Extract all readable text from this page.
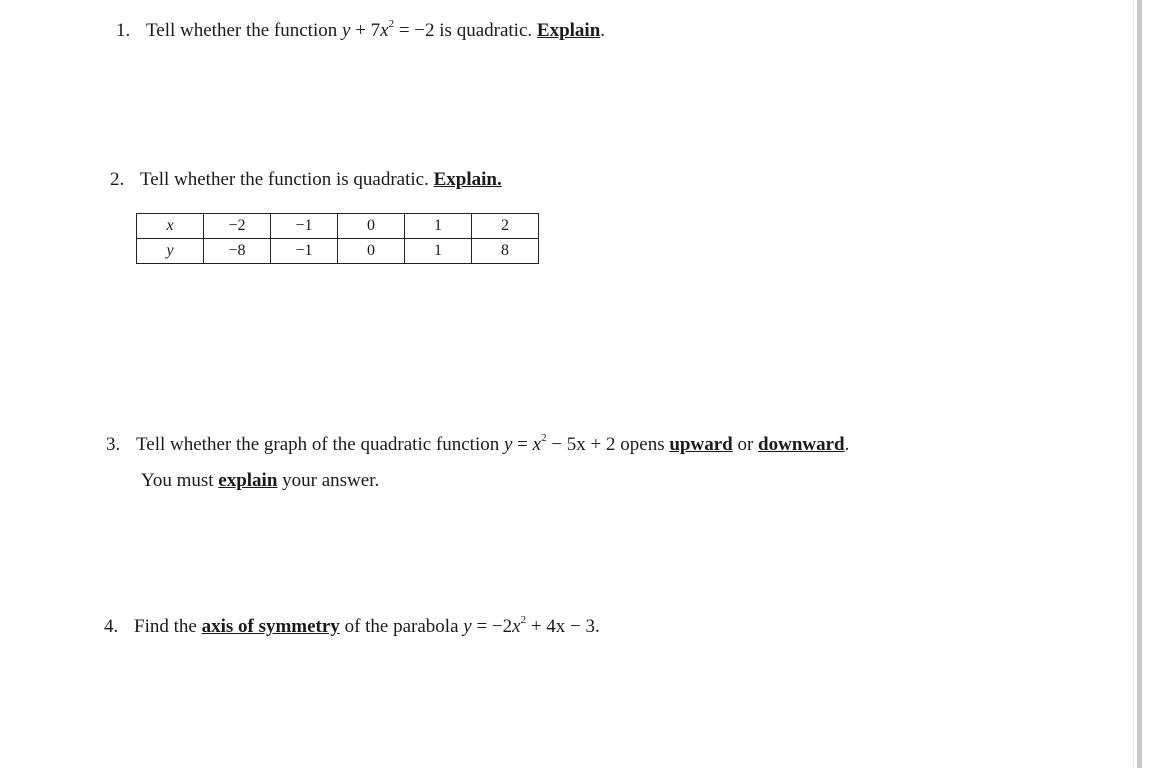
1. Tell whether the function $y + 7x^2 = -2$ is quadratic. Explain.
2. Tell whether the function is quadratic. Explain.
x	−2	−1	0	1	2
y	−8	−1	0	1	8
3. Tell whether the graph of the quadratic function $y = x^2 - 5x + 2$ opens upward or downward.
You must explain your answer.
4. Find the axis of symmetry of the parabola $y = -2x^2 + 4x - 3$.
